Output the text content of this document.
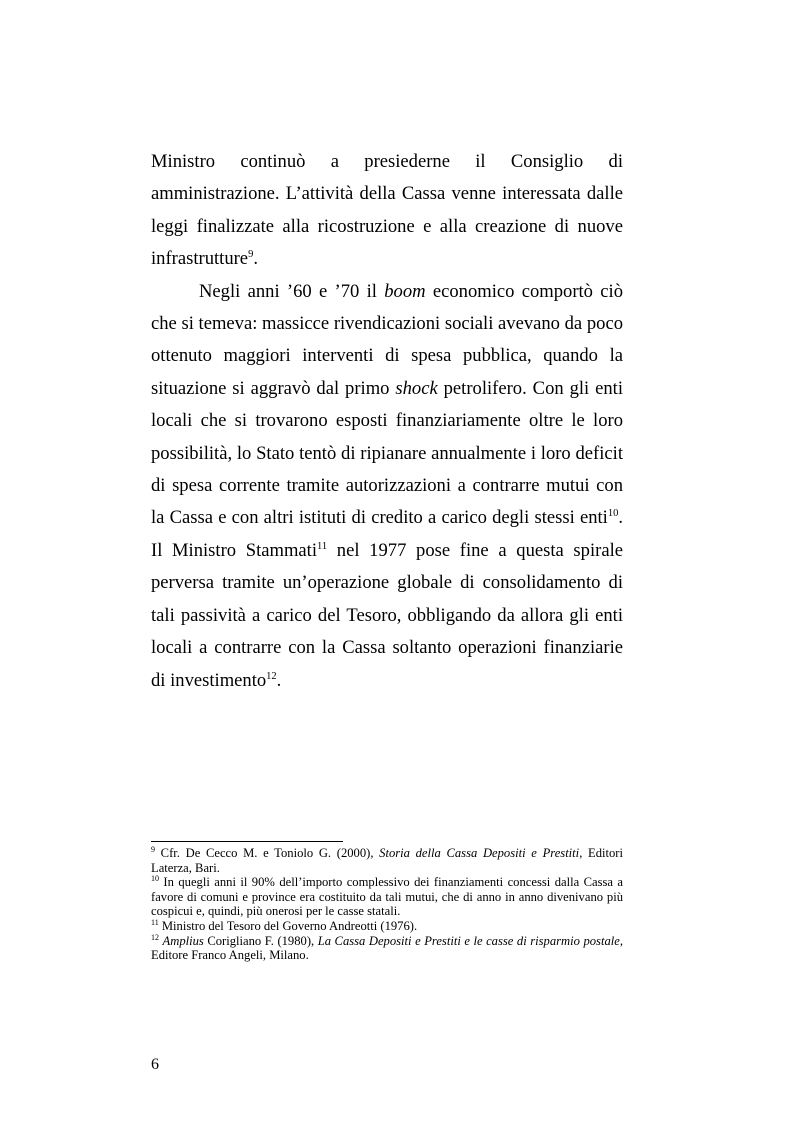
Ministro continuò a presiederne il Consiglio di amministrazione. L’attività della Cassa venne interessata dalle leggi finalizzate alla ricostruzione e alla creazione di nuove infrastrutture$^9$.

Negli anni ’60 e ’70 il boom economico comportò ciò che si temeva: massicce rivendicazioni sociali avevano da poco ottenuto maggiori interventi di spesa pubblica, quando la situazione si aggravò dal primo shock petrolifero. Con gli enti locali che si trovarono esposti finanziariamente oltre le loro possibilità, lo Stato tentò di ripianare annualmente i loro deficit di spesa corrente tramite autorizzazioni a contrarre mutui con la Cassa e con altri istituti di credito a carico degli stessi enti$^{10}$. Il Ministro Stammati$^{11}$ nel 1977 pose fine a questa spirale perversa tramite un’operazione globale di consolidamento di tali passività a carico del Tesoro, obbligando da allora gli enti locali a contrarre con la Cassa soltanto operazioni finanziarie di investimento$^{12}$.

$^9$ Cfr. De Cecco M. e Toniolo G. (2000), Storia della Cassa Depositi e Prestiti, Editori Laterza, Bari.

$^{10}$ In quegli anni il 90% dell’importo complessivo dei finanziamenti concessi dalla Cassa a favore di comuni e province era costituito da tali mutui, che di anno in anno divenivano più cospicui e, quindi, più onerosi per le casse statali.

$^{11}$ Ministro del Tesoro del Governo Andreotti (1976).

$^{12}$ Amplius Corigliano F. (1980), La Cassa Depositi e Prestiti e le casse di risparmio postale, Editore Franco Angeli, Milano.

6
